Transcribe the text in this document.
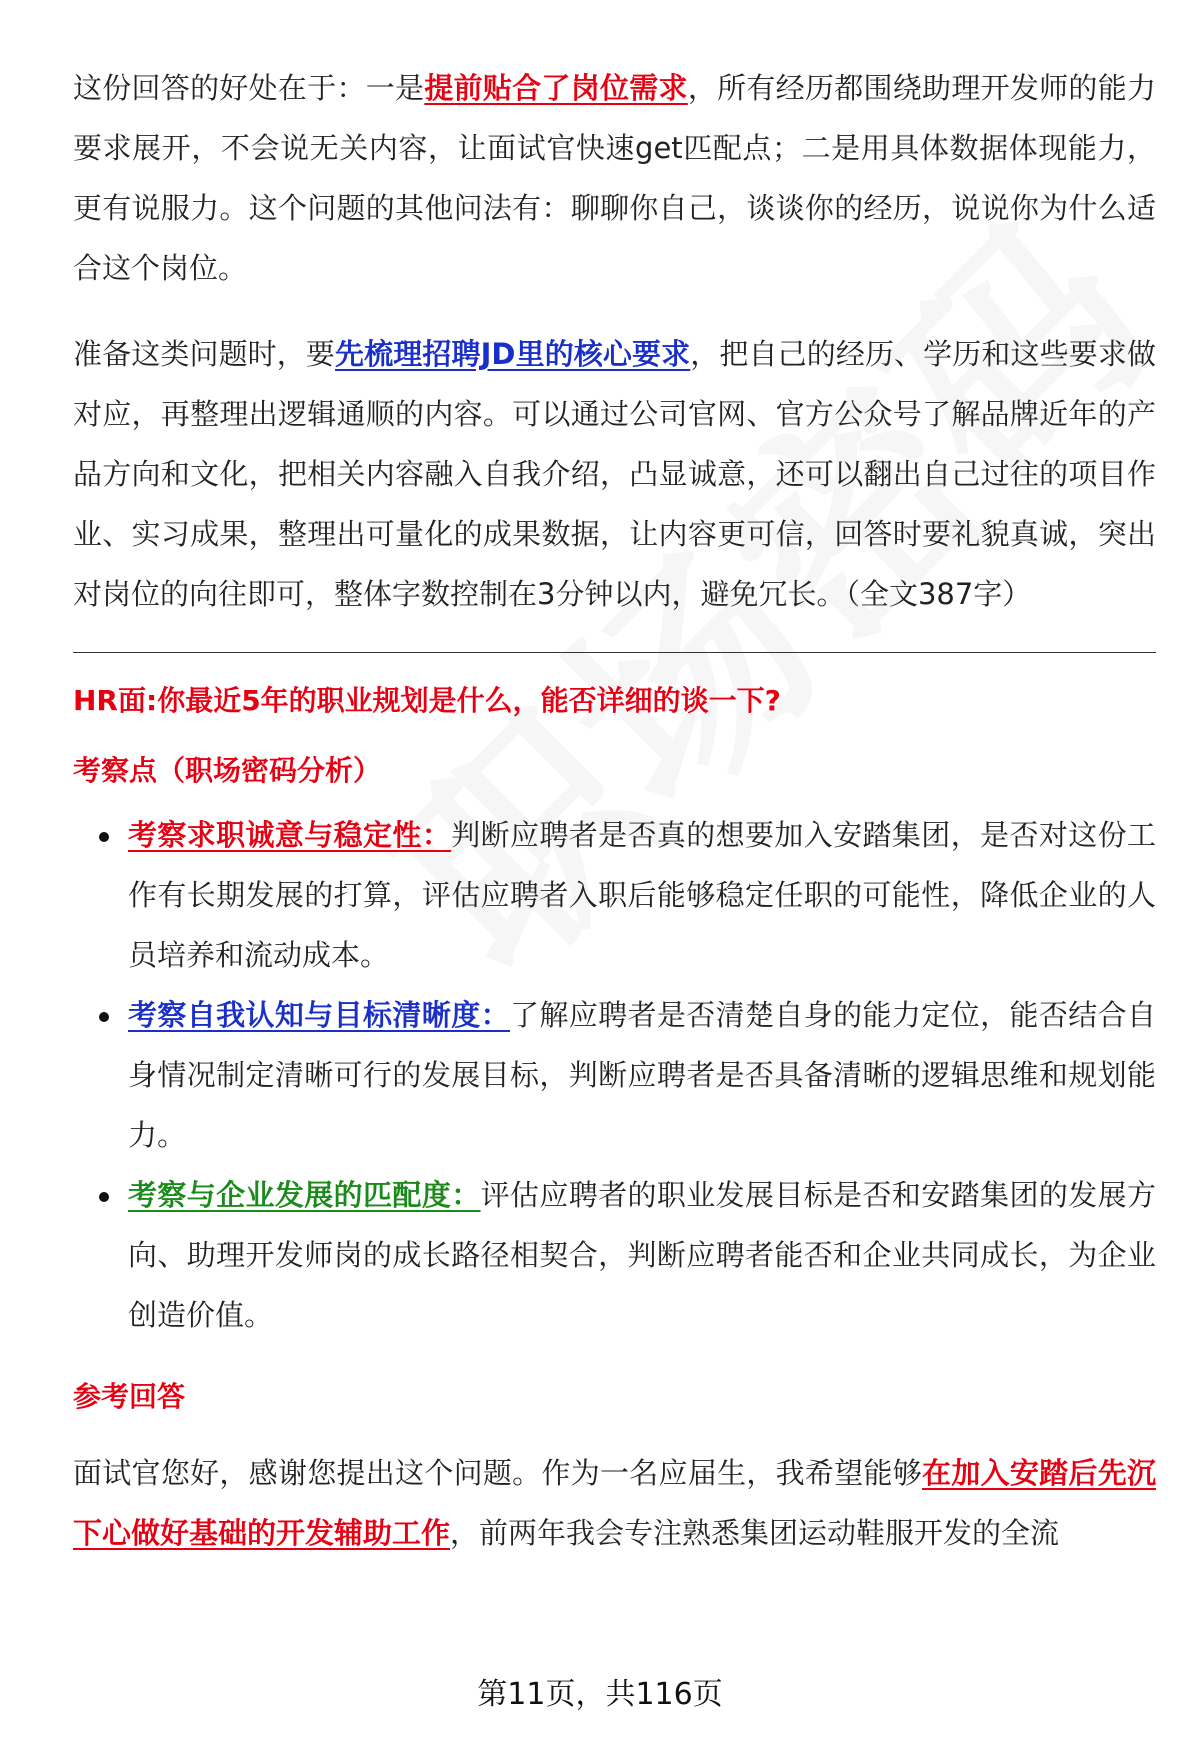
这份回答的好处在于：一是提前贴合了岗位需求，所有经历都围绕助理开发师的能力要求展开，不会说无关内容，让面试官快速get匹配点；二是用具体数据体现能力，更有说服力。这个问题的其他问法有：聊聊你自己，谈谈你的经历，说说你为什么适合这个岗位。

准备这类问题时，要先梳理招聘JD里的核心要求，把自己的经历、学历和这些要求做对应，再整理出逻辑通顺的内容。可以通过公司官网、官方公众号了解品牌近年的产品方向和文化，把相关内容融入自我介绍，凸显诚意，还可以翻出自己过往的项目作业、实习成果，整理出可量化的成果数据，让内容更可信，回答时要礼貌真诚，突出对岗位的向往即可，整体字数控制在3分钟以内，避免冗长。（全文387字）

HR面:你最近5年的职业规划是什么，能否详细的谈一下?

考察点（职场密码分析）

考察求职诚意与稳定性：判断应聘者是否真的想要加入安踏集团，是否对这份工作有长期发展的打算，评估应聘者入职后能够稳定任职的可能性，降低企业的人员培养和流动成本。
考察自我认知与目标清晰度：了解应聘者是否清楚自身的能力定位，能否结合自身情况制定清晰可行的发展目标，判断应聘者是否具备清晰的逻辑思维和规划能力。
考察与企业发展的匹配度：评估应聘者的职业发展目标是否和安踏集团的发展方向、助理开发师岗的成长路径相契合，判断应聘者能否和企业共同成长，为企业创造价值。

参考回答

面试官您好，感谢您提出这个问题。作为一名应届生，我希望能够在加入安踏后先沉下心做好基础的开发辅助工作，前两年我会专注熟悉集团运动鞋服开发的全流

第11页，共116页
